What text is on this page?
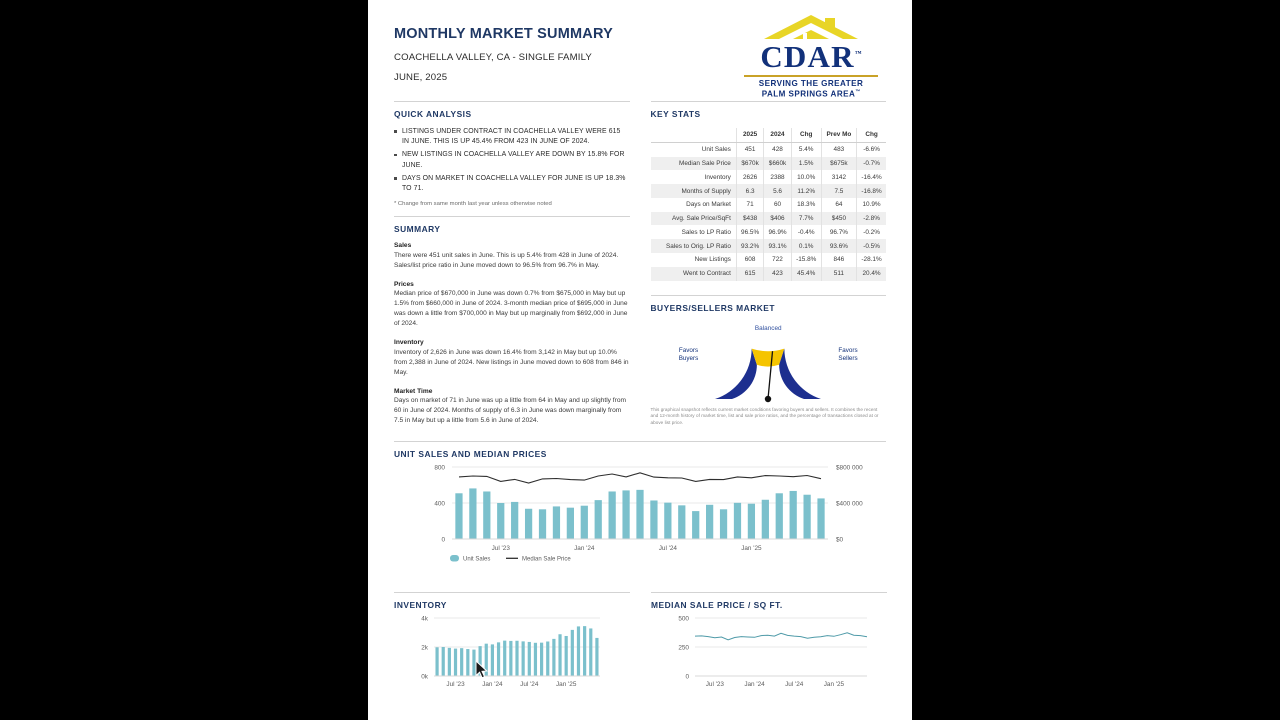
MONTHLY MARKET SUMMARY
COACHELLA VALLEY, CA - SINGLE FAMILY
JUNE, 2025
CDAR™
SERVING THE GREATER
PALM SPRINGS AREA™
QUICK ANALYSIS
LISTINGS UNDER CONTRACT IN COACHELLA VALLEY WERE 615 IN JUNE. THIS IS UP 45.4% FROM 423 IN JUNE OF 2024.
NEW LISTINGS IN COACHELLA VALLEY ARE DOWN BY 15.8% FOR JUNE.
DAYS ON MARKET IN COACHELLA VALLEY FOR JUNE IS UP 18.3% TO 71.
* Change from same month last year unless otherwise noted
SUMMARY
Sales
There were 451 unit sales in June. This is up 5.4% from 428 in June of 2024. Sales/list price ratio in June moved down to 96.5% from 96.7% in May.
Prices
Median price of $670,000 in June was down 0.7% from $675,000 in May but up 1.5% from $660,000 in June of 2024. 3-month median price of $695,000 in June was down a little from $700,000 in May but up marginally from $692,000 in June of 2024.
Inventory
Inventory of 2,626 in June was down 16.4% from 3,142 in May but up 10.0% from 2,388 in June of 2024. New listings in June moved down to 608 from 846 in May.
Market Time
Days on market of 71 in June was up a little from 64 in May and up slightly from 60 in June of 2024. Months of supply of 6.3 in June was down marginally from 7.5 in May but up a little from 5.6 in June of 2024.
KEY STATS
	2025	2024	Chg	Prev Mo	Chg
Unit Sales	451	428	5.4%	483	-6.6%
Median Sale Price	$670k	$660k	1.5%	$675k	-0.7%
Inventory	2626	2388	10.0%	3142	-16.4%
Months of Supply	6.3	5.6	11.2%	7.5	-16.8%
Days on Market	71	60	18.3%	64	10.9%
Avg. Sale Price/SqFt	$438	$406	7.7%	$450	-2.8%
Sales to LP Ratio	96.5%	96.9%	-0.4%	96.7%	-0.2%
Sales to Orig. LP Ratio	93.2%	93.1%	0.1%	93.6%	-0.5%
New Listings	608	722	-15.8%	846	-28.1%
Went to Contract	615	423	45.4%	511	20.4%
BUYERS/SELLERS MARKET
Balanced
Favors
Buyers
Favors
Sellers
This graphical snapshot reflects current market conditions favoring buyers and sellers. It combines the recent and 12-month history of market time, list and sale price ratios, and the percentage of transactions closed at or above list price.
UNIT SALES AND MEDIAN PRICES
0	$0
400	$400 000
800	$800 000
Jul '23	Jan '24	Jul '24	Jan '25
Unit Sales	Median Sale Price
INVENTORY
0k
2k
4k
Jul '23	Jan '24	Jul '24	Jan '25
MEDIAN SALE PRICE / SQ FT.
0
250
500
Jul '23	Jan '24	Jul '24	Jan '25
